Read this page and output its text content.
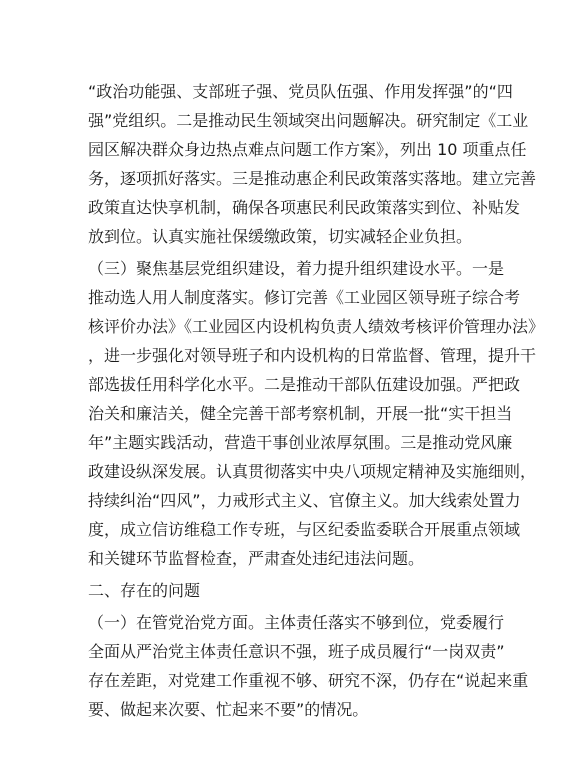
“政治功能强、支部班子强、党员队伍强、作用发挥强”的“四
强”党组织。二是推动民生领域突出问题解决。研究制定《工业
园区解决群众身边热点难点问题工作方案》，列出 10 项重点任
务，逐项抓好落实。三是推动惠企利民政策落实落地。建立完善
政策直达快享机制，确保各项惠民利民政策落实到位、补贴发
放到位。认真实施社保缓缴政策，切实减轻企业负担。

（三）聚焦基层党组织建设，着力提升组织建设水平。一是
推动选人用人制度落实。修订完善《工业园区领导班子综合考
核评价办法》《工业园区内设机构负责人绩效考核评价管理办法》
，进一步强化对领导班子和内设机构的日常监督、管理，提升干
部选拔任用科学化水平。二是推动干部队伍建设加强。严把政
治关和廉洁关，健全完善干部考察机制，开展一批“实干担当
年”主题实践活动，营造干事创业浓厚氛围。三是推动党风廉
政建设纵深发展。认真贯彻落实中央八项规定精神及实施细则，
持续纠治“四风”，力戒形式主义、官僚主义。加大线索处置力
度，成立信访维稳工作专班，与区纪委监委联合开展重点领域
和关键环节监督检查，严肃查处违纪违法问题。

二、存在的问题

（一）在管党治党方面。主体责任落实不够到位，党委履行
全面从严治党主体责任意识不强，班子成员履行“一岗双责”
存在差距，对党建工作重视不够、研究不深，仍存在“说起来重
要、做起来次要、忙起来不要”的情况。
